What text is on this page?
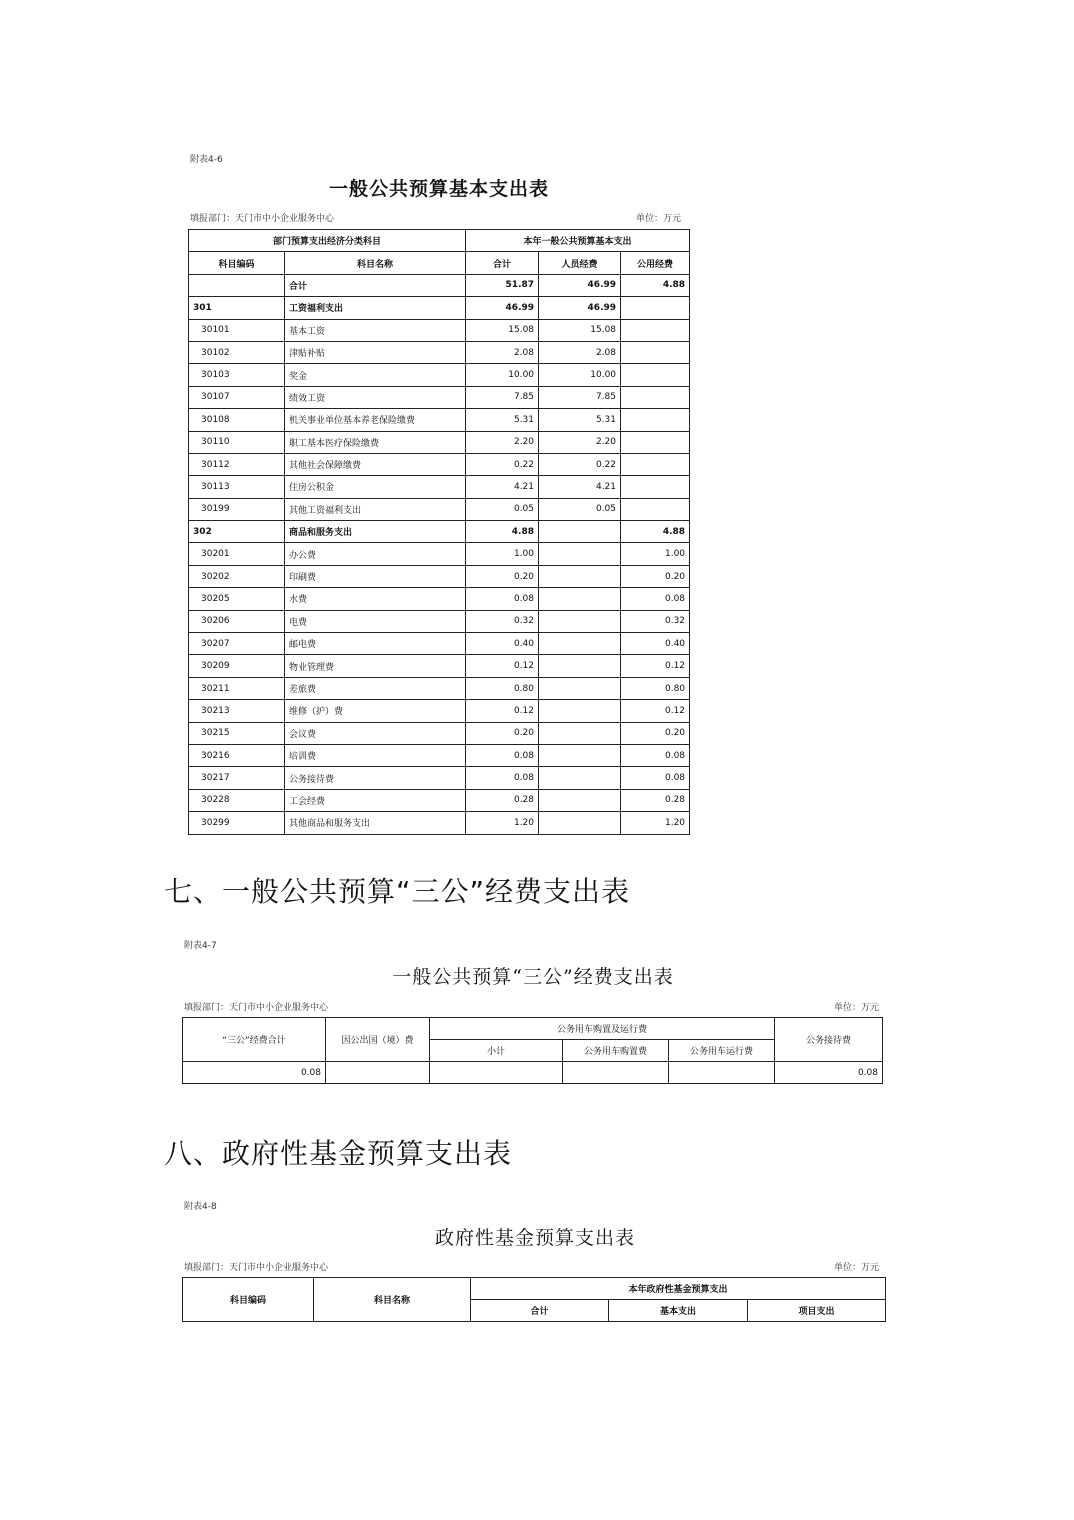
附表4-6
一般公共预算基本支出表
填报部门：天门市中小企业服务中心	单位：万元
部门预算支出经济分类科目		本年一般公共预算基本支出		
科目编码	科目名称	合计	人员经费	公用经费
	合计	51.87	46.99	4.88
301	工资福利支出	46.99	46.99	
30101	基本工资	15.08	15.08	
30102	津贴补贴	2.08	2.08	
30103	奖金	10.00	10.00	
30107	绩效工资	7.85	7.85	
30108	机关事业单位基本养老保险缴费	5.31	5.31	
30110	职工基本医疗保险缴费	2.20	2.20	
30112	其他社会保障缴费	0.22	0.22	
30113	住房公积金	4.21	4.21	
30199	其他工资福利支出	0.05	0.05	
302	商品和服务支出	4.88		4.88
30201	办公费	1.00		1.00
30202	印刷费	0.20		0.20
30205	水费	0.08		0.08
30206	电费	0.32		0.32
30207	邮电费	0.40		0.40
30209	物业管理费	0.12		0.12
30211	差旅费	0.80		0.80
30213	维修（护）费	0.12		0.12
30215	会议费	0.20		0.20
30216	培训费	0.08		0.08
30217	公务接待费	0.08		0.08
30228	工会经费	0.28		0.28
30299	其他商品和服务支出	1.20		1.20
七、一般公共预算“三公”经费支出表
附表4-7
一般公共预算“三公”经费支出表
填报部门：天门市中小企业服务中心	单位：万元
“三公”经费合计	因公出国（境）费	公务用车购置及运行费			公务接待费
		小计	公务用车购置费	公务用车运行费	
0.08					0.08
八、政府性基金预算支出表
附表4-8
政府性基金预算支出表
填报部门：天门市中小企业服务中心	单位：万元
科目编码	科目名称	本年政府性基金预算支出		
		合计	基本支出	项目支出
